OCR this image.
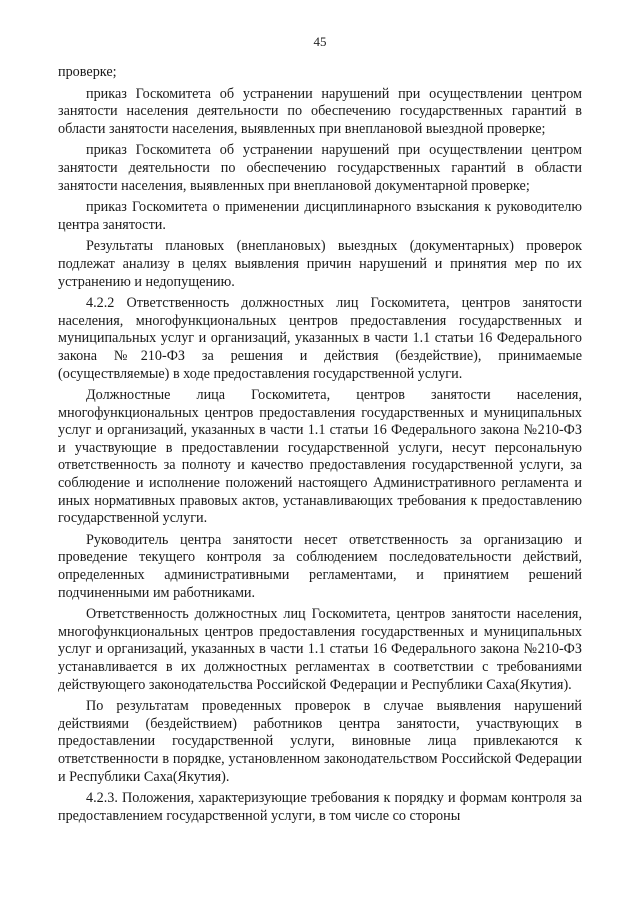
45

проверке;

приказ Госкомитета об устранении нарушений при осуществлении центром занятости населения деятельности по обеспечению государственных гарантий в области занятости населения, выявленных при внеплановой выездной проверке;

приказ Госкомитета об устранении нарушений при осуществлении центром занятости деятельности по обеспечению государственных гарантий в области занятости населения, выявленных при внеплановой документарной проверке;

приказ Госкомитета о применении дисциплинарного взыскания к руководителю центра занятости.

Результаты плановых (внеплановых) выездных (документарных) проверок подлежат анализу в целях выявления причин нарушений и принятия мер по их устранению и недопущению.

4.2.2 Ответственность должностных лиц Госкомитета, центров занятости населения, многофункциональных центров предоставления государственных и муниципальных услуг и организаций, указанных в части 1.1 статьи 16 Федерального закона №210-ФЗ за решения и действия (бездействие), принимаемые (осуществляемые) в ходе предоставления государственной услуги.

Должностные лица Госкомитета, центров занятости населения, многофункциональных центров предоставления государственных и муниципальных услуг и организаций, указанных в части 1.1 статьи 16 Федерального закона №210-ФЗ и участвующие в предоставлении государственной услуги, несут персональную ответственность за полноту и качество предоставления государственной услуги, за соблюдение и исполнение положений настоящего Административного регламента и иных нормативных правовых актов, устанавливающих требования к предоставлению государственной услуги.

Руководитель центра занятости несет ответственность за организацию и проведение текущего контроля за соблюдением последовательности действий, определенных административными регламентами, и принятием решений подчиненными им работниками.

Ответственность должностных лиц Госкомитета, центров занятости населения, многофункциональных центров предоставления государственных и муниципальных услуг и организаций, указанных в части 1.1 статьи 16 Федерального закона №210-ФЗ устанавливается в их должностных регламентах в соответствии с требованиями действующего законодательства Российской Федерации и Республики Саха(Якутия).

По результатам проведенных проверок в случае выявления нарушений действиями (бездействием) работников центра занятости, участвующих в предоставлении государственной услуги, виновные лица привлекаются к ответственности в порядке, установленном законодательством Российской Федерации и Республики Саха(Якутия).

4.2.3. Положения, характеризующие требования к порядку и формам контроля за предоставлением государственной услуги, в том числе со стороны
